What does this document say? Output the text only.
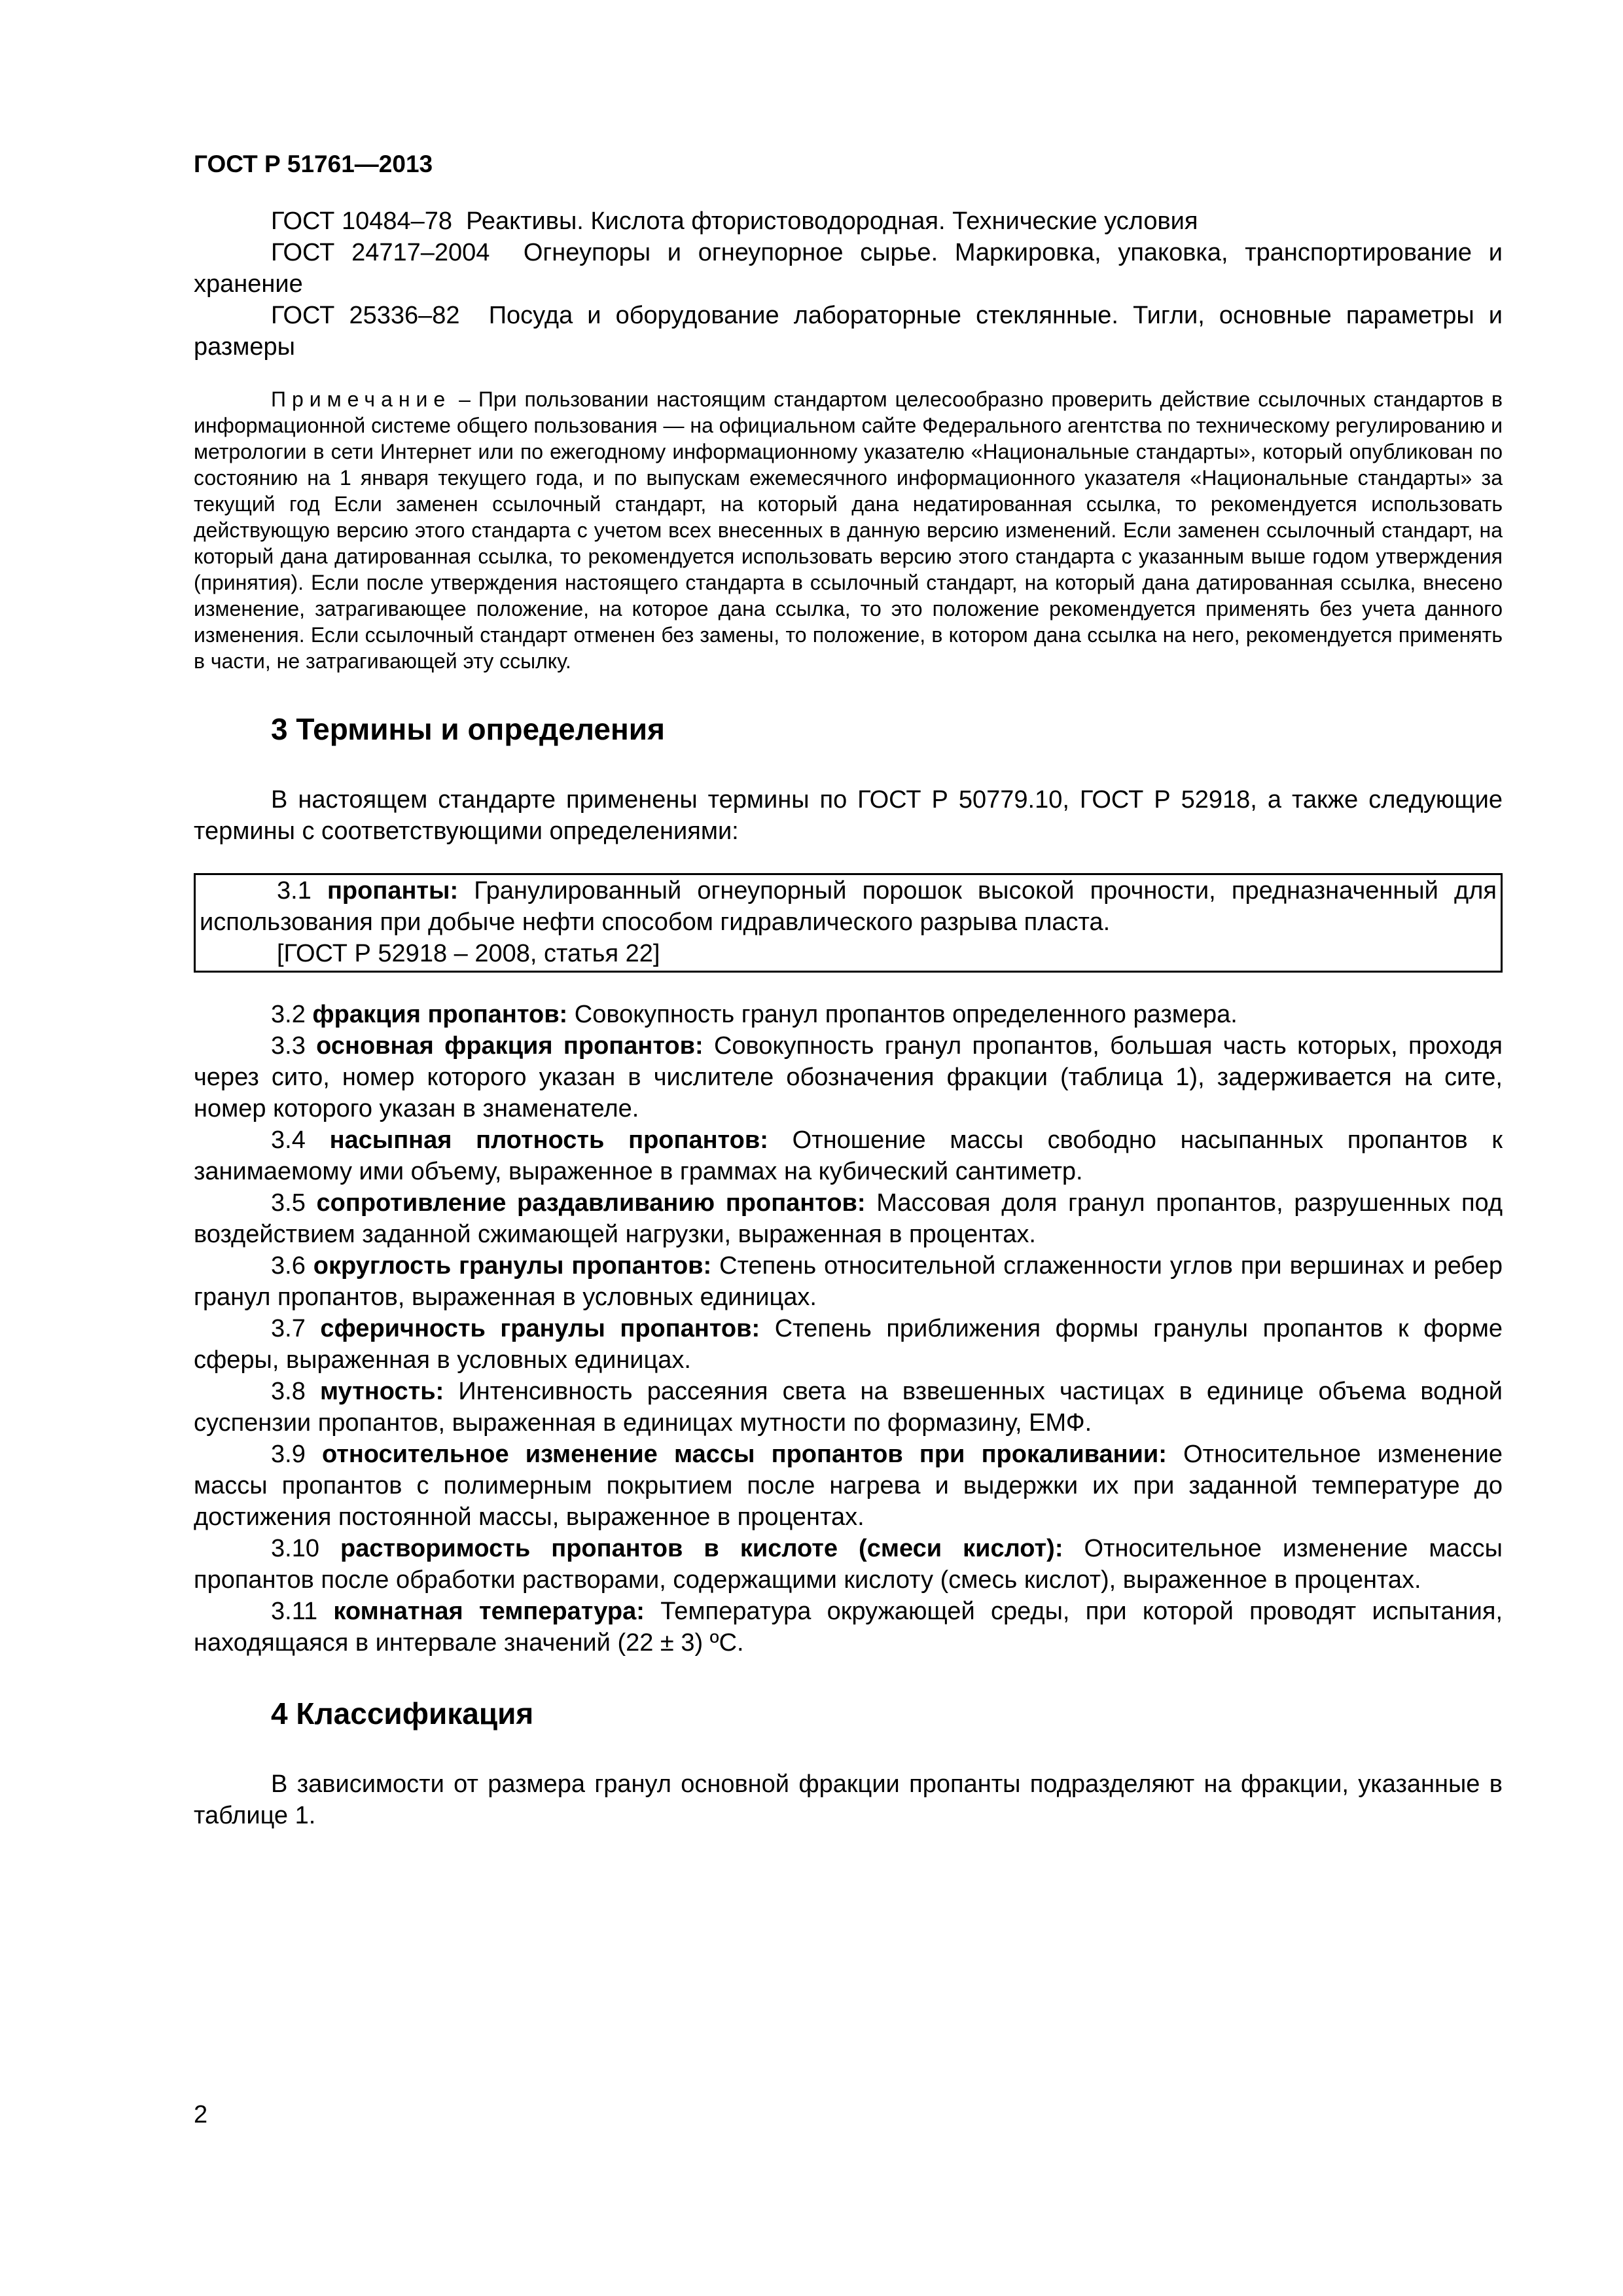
ГОСТ Р 51761—2013

ГОСТ 10484–78 Реактивы. Кислота фтористоводородная. Технические условия

ГОСТ 24717–2004 Огнеупоры и огнеупорное сырье. Маркировка, упаковка, транспортирование и хранение

ГОСТ 25336–82 Посуда и оборудование лабораторные стеклянные. Тигли, основные параметры и размеры

Примечание – При пользовании настоящим стандартом целесообразно проверить действие ссылочных стандартов в информационной системе общего пользования — на официальном сайте Федерального агентства по техническому регулированию и метрологии в сети Интернет или по ежегодному информационному указателю «Национальные стандарты», который опубликован по состоянию на 1 января текущего года, и по выпускам ежемесячного информационного указателя «Национальные стандарты» за текущий год Если заменен ссылочный стандарт, на который дана недатированная ссылка, то рекомендуется использовать действующую версию этого стандарта с учетом всех внесенных в данную версию изменений. Если заменен ссылочный стандарт, на который дана датированная ссылка, то рекомендуется использовать версию этого стандарта с указанным выше годом утверждения (принятия). Если после утверждения настоящего стандарта в ссылочный стандарт, на который дана датированная ссылка, внесено изменение, затрагивающее положение, на которое дана ссылка, то это положение рекомендуется применять без учета данного изменения. Если ссылочный стандарт отменен без замены, то положение, в котором дана ссылка на него, рекомендуется применять в части, не затрагивающей эту ссылку.

3 Термины и определения

В настоящем стандарте применены термины по ГОСТ Р 50779.10, ГОСТ Р 52918, а также следующие термины с соответствующими определениями:

3.1 пропанты: Гранулированный огнеупорный порошок высокой прочности, предназначенный для использования при добыче нефти способом гидравлического разрыва пласта.

[ГОСТ Р 52918 – 2008, статья 22]

3.2 фракция пропантов: Совокупность гранул пропантов определенного размера.

3.3 основная фракция пропантов: Совокупность гранул пропантов, большая часть которых, проходя через сито, номер которого указан в числителе обозначения фракции (таблица 1), задерживается на сите, номер которого указан в знаменателе.

3.4 насыпная плотность пропантов: Отношение массы свободно насыпанных пропантов к занимаемому ими объему, выраженное в граммах на кубический сантиметр.

3.5 сопротивление раздавливанию пропантов: Массовая доля гранул пропантов, разрушенных под воздействием заданной сжимающей нагрузки, выраженная в процентах.

3.6 округлость гранулы пропантов: Степень относительной сглаженности углов при вершинах и ребер гранул пропантов, выраженная в условных единицах.

3.7 сферичность гранулы пропантов: Степень приближения формы гранулы пропантов к форме сферы, выраженная в условных единицах.

3.8 мутность: Интенсивность рассеяния света на взвешенных частицах в единице объема водной суспензии пропантов, выраженная в единицах мутности по формазину, ЕМФ.

3.9 относительное изменение массы пропантов при прокаливании: Относительное изменение массы пропантов с полимерным покрытием после нагрева и выдержки их при заданной температуре до достижения постоянной массы, выраженное в процентах.

3.10 растворимость пропантов в кислоте (смеси кислот): Относительное изменение массы пропантов после обработки растворами, содержащими кислоту (смесь кислот), выраженное в процентах.

3.11 комнатная температура: Температура окружающей среды, при которой проводят испытания, находящаяся в интервале значений (22 ± 3) ºC.

4 Классификация

В зависимости от размера гранул основной фракции пропанты подразделяют на фракции, указанные в таблице 1.

2
